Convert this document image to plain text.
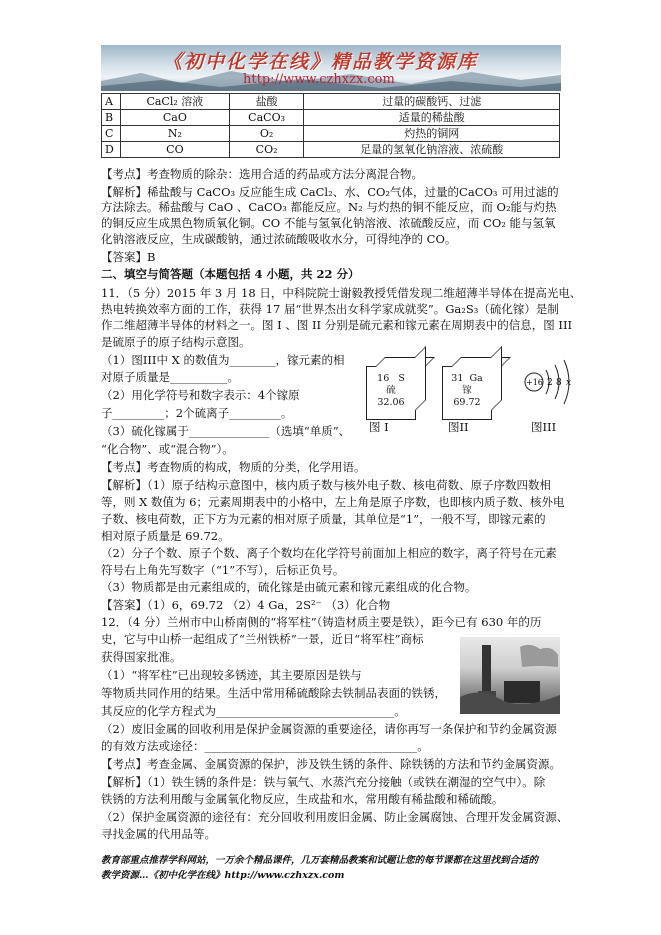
《初中化学在线》精品教学资源库
http://www.czhxzx.com
A	CaCl₂ 溶液	盐酸	过量的碳酸钙、过滤
B	CaO	CaCO₃	适量的稀盐酸
C	N₂	O₂	灼热的铜网
D	CO	CO₂	足量的氢氧化钠溶液、浓硫酸
【考点】考查物质的除杂：选用合适的药品或方法分离混合物。
【解析】稀盐酸与 CaCO₃ 反应能生成 CaCl₂、水、CO₂气体，过量的CaCO₃ 可用过滤的
方法除去。稀盐酸与 CaO 、CaCO₃ 都能反应。N₂ 与灼热的铜不能反应，而 O₂能与灼热
的铜反应生成黑色物质氧化铜。CO 不能与氢氧化钠溶液、浓硫酸反应，而 CO₂ 能与氢氧
化钠溶液反应，生成碳酸钠，通过浓硫酸吸收水分，可得纯净的 CO。
【答案】B
二、填空与简答题（本题包括 4 小题，共 22 分）
11．（5 分）2015 年 3 月 18 日，中科院院士谢毅教授凭借发现二维超薄半导体在提高光电、
热电转换效率方面的工作，获得 17 届“世界杰出女科学家成就奖”。Ga₂S₃（硫化镓）是制
作二维超薄半导体的材料之一。图 I 、图 II 分别是硫元素和镓元素在周期表中的信息，图 III
是硫原子的原子结构示意图。
（1）图III中 X 的数值为________，镓元素的相
对原子质量是__________。
（2）用化学符号和数字表示：4个镓原
子_________；2个硫离子_________。
（3）硫化镓属于______________（选填“单质”、
“化合物”、或“混合物”）。
【考点】考查物质的构成，物质的分类，化学用语。
【解析】（1）原子结构示意图中，核内质子数与核外电子数、核电荷数、原子序数四数相
等，则 X 数值为 6；元素周期表中的小格中，左上角是原子序数，也即核内质子数、核外电
子数、核电荷数，正下方为元素的相对原子质量，其单位是“1”，一般不写，即镓元素的
相对原子质量是 69.72。
（2）分子个数、原子个数、离子个数均在化学符号前面加上相应的数字，离子符号在元素
符号右上角先写数字（“1”不写），后标正负号。
（3）物质都是由元素组成的，硫化镓是由硫元素和镓元素组成的化合物。
【答案】（1）6，69.72 （2）4 Ga，2S²⁻ （3）化合物
12．（4 分）兰州市中山桥南侧的“将军柱”（铸造材质主要是铁），距今已有 630 年的历
史，它与中山桥一起组成了“兰州铁桥”一景，近日“将军柱”商标
获得国家批准。
（1）“将军柱”已出现较多锈迹，其主要原因是铁与
等物质共同作用的结果。生活中常用稀硫酸除去铁制品表面的铁锈，
其反应的化学方程式为_______________________________。
（2）废旧金属的回收利用是保护金属资源的重要途径，请你再写一条保护和节约金属资源
的有效方法或途径：_____________________________________。
【考点】考查金属、金属资源的保护，涉及铁生锈的条件、除铁锈的方法和节约金属资源。
【解析】（1）铁生锈的条件是：铁与氧气、水蒸汽充分接触（或铁在潮湿的空气中）。除
铁锈的方法利用酸与金属氧化物反应，生成盐和水，常用酸有稀盐酸和稀硫酸。
（2）保护金属资源的途径有：充分回收利用废旧金属、防止金属腐蚀、合理开发金属资源、
寻找金属的代用品等。
16 S
硫
32.06
图 I
31 Ga
镓
69.72
图II
+16 2 8 x
图III
教育部重点推荐学科网站，一万余个精品课件，几万套精品教案和试题让您的每节课都在这里找到合适的
教学资源…《初中化学在线》http://www.czhxzx.com
